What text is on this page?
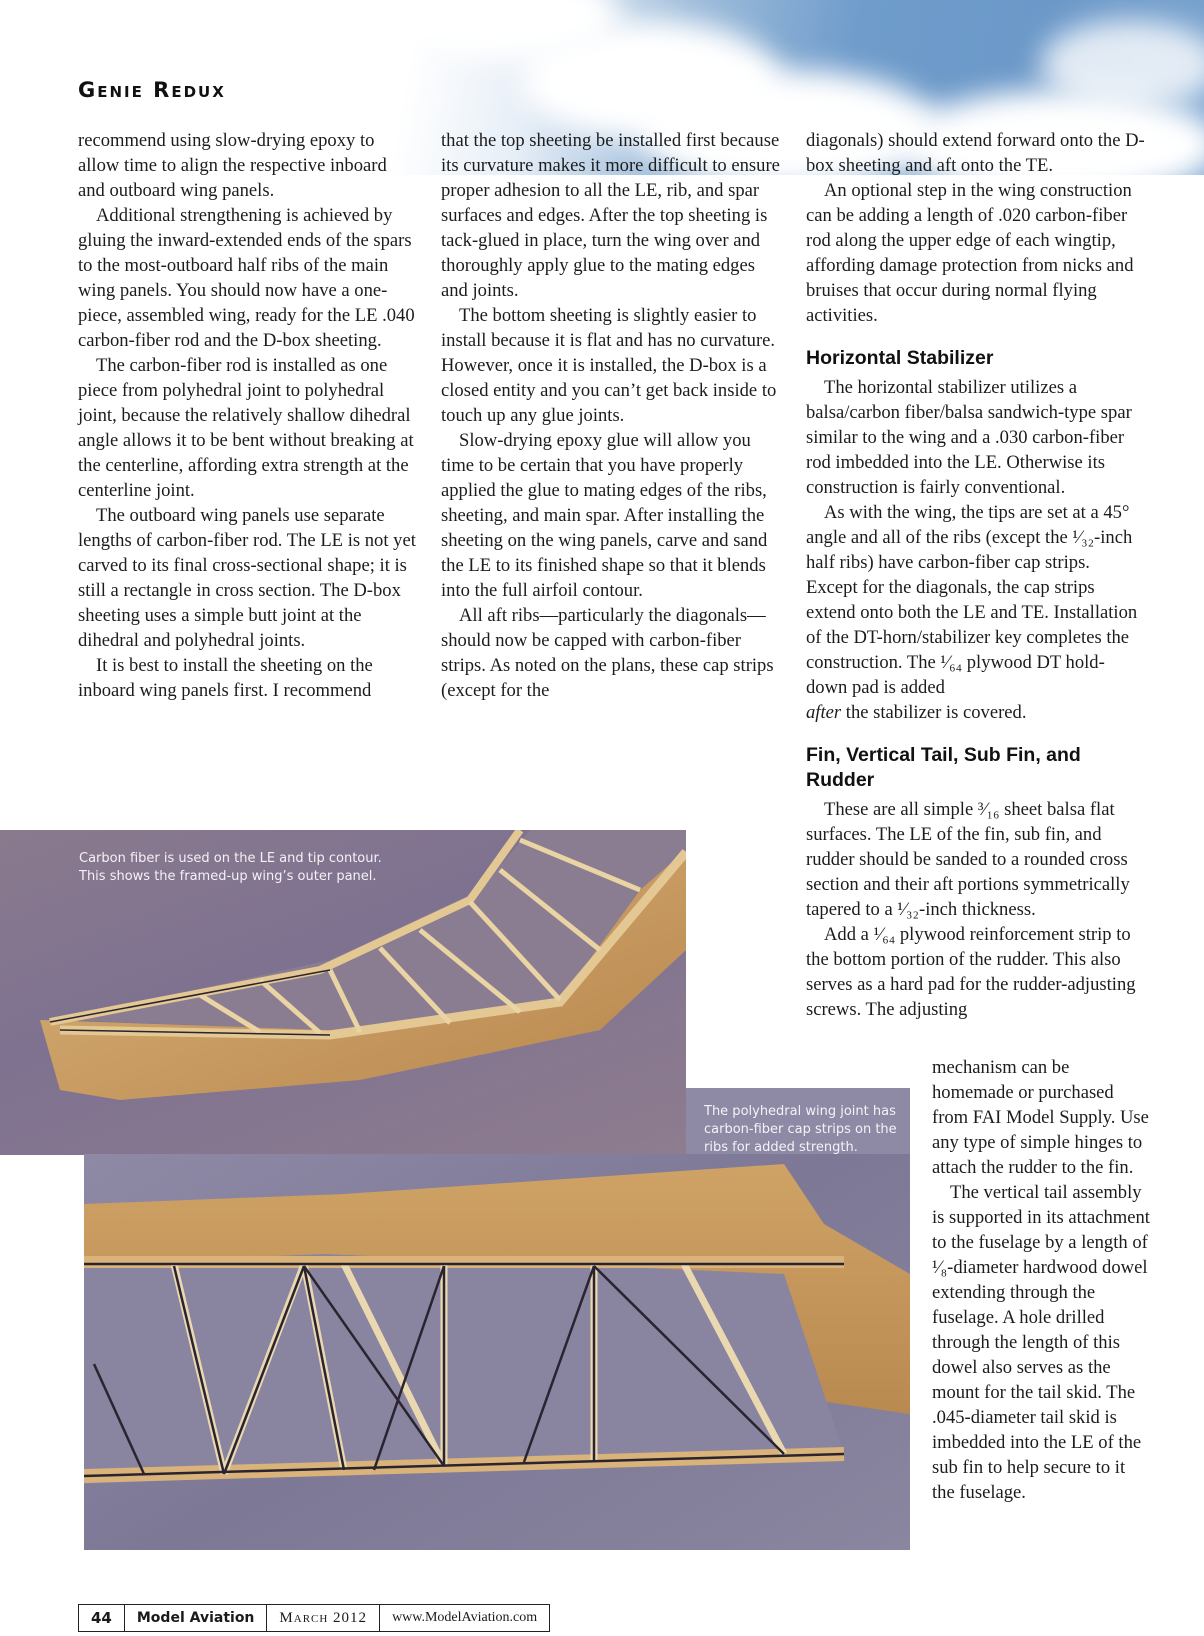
Genie Redux

recommend using slow-drying epoxy to allow time to align the respective inboard and outboard wing panels.

Additional strengthening is achieved by gluing the inward-extended ends of the spars to the most-outboard half ribs of the main wing panels. You should now have a one-piece, assembled wing, ready for the LE .040 carbon-fiber rod and the D-box sheeting.

The carbon-fiber rod is installed as one piece from polyhedral joint to polyhedral joint, because the relatively shallow dihedral angle allows it to be bent without breaking at the centerline, affording extra strength at the centerline joint.

The outboard wing panels use separate lengths of carbon-fiber rod. The LE is not yet carved to its final cross-sectional shape; it is still a rectangle in cross section. The D-box sheeting uses a simple butt joint at the dihedral and polyhedral joints.

It is best to install the sheeting on the inboard wing panels first. I recommend

that the top sheeting be installed first because its curvature makes it more difficult to ensure proper adhesion to all the LE, rib, and spar surfaces and edges. After the top sheeting is tack-glued in place, turn the wing over and thoroughly apply glue to the mating edges and joints.

The bottom sheeting is slightly easier to install because it is flat and has no curvature. However, once it is installed, the D-box is a closed entity and you can’t get back inside to touch up any glue joints.

Slow-drying epoxy glue will allow you time to be certain that you have properly applied the glue to mating edges of the ribs, sheeting, and main spar. After installing the sheeting on the wing panels, carve and sand the LE to its finished shape so that it blends into the full airfoil contour.

All aft ribs—particularly the diagonals—should now be capped with carbon-fiber strips. As noted on the plans, these cap strips (except for the

diagonals) should extend forward onto the D-box sheeting and aft onto the TE.

An optional step in the wing construction can be adding a length of .020 carbon-fiber rod along the upper edge of each wingtip, affording damage protection from nicks and bruises that occur during normal flying activities.

Horizontal Stabilizer

The horizontal stabilizer utilizes a balsa/carbon fiber/balsa sandwich-type spar similar to the wing and a .030 carbon-fiber rod imbedded into the LE. Otherwise its construction is fairly conventional.

As with the wing, the tips are set at a 45° angle and all of the ribs (except the ¹⁄₃₂-inch half ribs) have carbon-fiber cap strips. Except for the diagonals, the cap strips extend onto both the LE and TE. Installation of the DT-horn/stabilizer key completes the construction. The ¹⁄₆₄ plywood DT hold-down pad is added

after the stabilizer is covered.

Fin, Vertical Tail, Sub Fin, and Rudder

These are all simple ³⁄₁₆ sheet balsa flat surfaces. The LE of the fin, sub fin, and rudder should be sanded to a rounded cross section and their aft portions symmetrically tapered to a ¹⁄₃₂-inch thickness.

Add a ¹⁄₆₄ plywood reinforcement strip to the bottom portion of the rudder. This also serves as a hard pad for the rudder-adjusting screws. The adjusting

mechanism can be homemade or purchased from FAI Model Supply. Use any type of simple hinges to attach the rudder to the fin.

The vertical tail assembly is supported in its attachment to the fuselage by a length of ¹⁄₈-diameter hardwood dowel extending through the fuselage. A hole drilled through the length of this dowel also serves as the mount for the tail skid. The .045-diameter tail skid is imbedded into the LE of the sub fin to help secure to it the fuselage.

Carbon fiber is used on the LE and tip contour. This shows the framed-up wing’s outer panel.
The polyhedral wing joint has carbon-fiber cap strips on the ribs for added strength.
44	Model Aviation	March 2012	www.ModelAviation.com
